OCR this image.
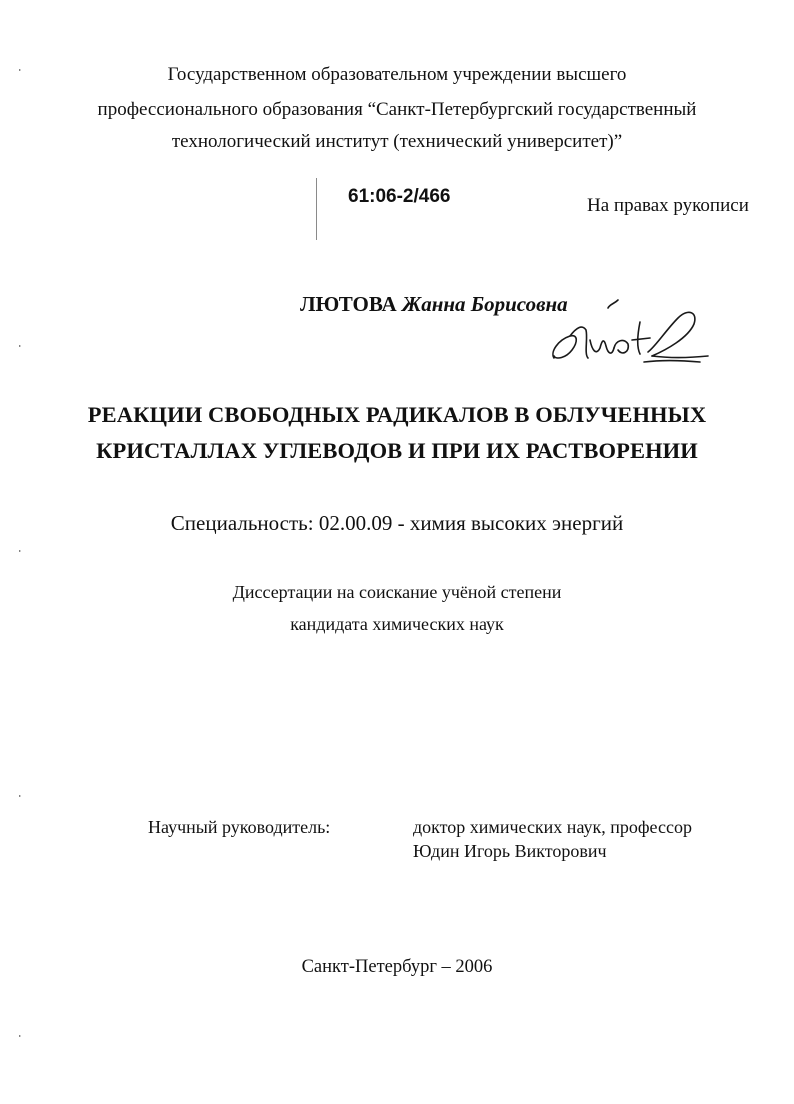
Государственном образовательном учреждении высшего
профессионального образования “Санкт-Петербургский государственный
технологический институт (технический университет)”
61:06-2/466	На правах рукописи
ЛЮТОВА Жанна Борисовна
РЕАКЦИИ СВОБОДНЫХ РАДИКАЛОВ В ОБЛУЧЕННЫХ
КРИСТАЛЛАХ УГЛЕВОДОВ И ПРИ ИХ РАСТВОРЕНИИ
Специальность: 02.00.09 - химия высоких энергий
Диссертации на соискание учёной степени
кандидата химических наук
Научный руководитель:	доктор химических наук, профессор
Юдин Игорь Викторович
Санкт-Петербург – 2006
‧
‧
‧
‧
‧
